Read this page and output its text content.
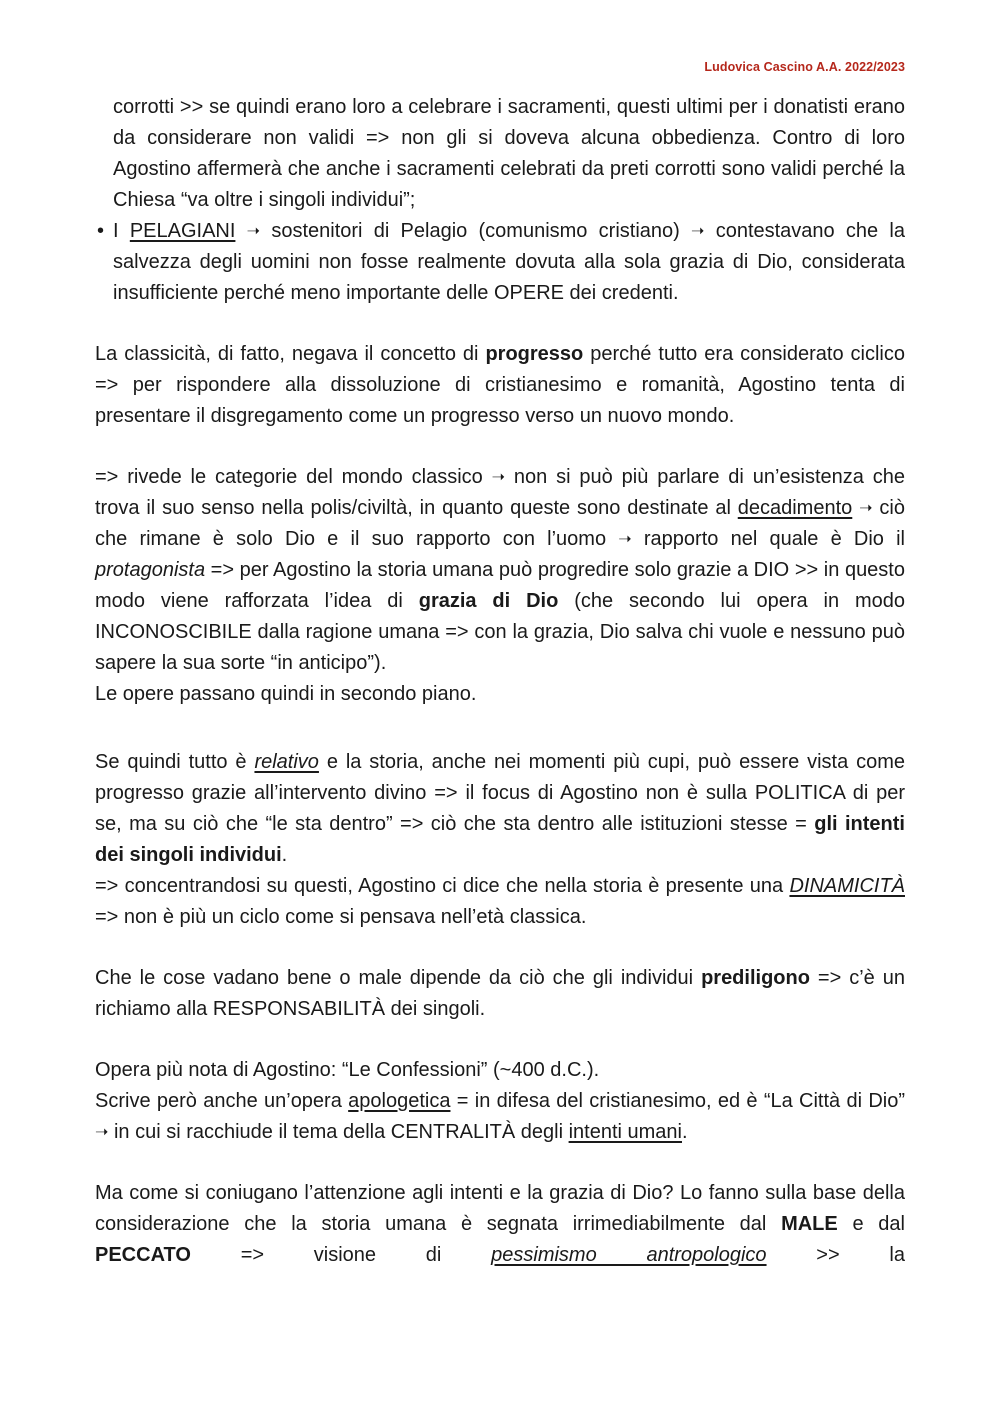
Ludovica Cascino A.A. 2022/2023
corrotti >> se quindi erano loro a celebrare i sacramenti, questi ultimi per i donatisti erano da considerare non validi => non gli si doveva alcuna obbedienza. Contro di loro Agostino affermerà che anche i sacramenti celebrati da preti corrotti sono validi perché la Chiesa “va oltre i singoli individui”;
• I PELAGIANI ➝ sostenitori di Pelagio (comunismo cristiano) ➝ contestavano che la salvezza degli uomini non fosse realmente dovuta alla sola grazia di Dio, considerata insufficiente perché meno importante delle OPERE dei credenti.

La classicità, di fatto, negava il concetto di progresso perché tutto era considerato ciclico => per rispondere alla dissoluzione di cristianesimo e romanità, Agostino tenta di presentare il disgregamento come un progresso verso un nuovo mondo.

=> rivede le categorie del mondo classico ➝ non si può più parlare di un’esistenza che trova il suo senso nella polis/civiltà, in quanto queste sono destinate al decadimento ➝ ciò che rimane è solo Dio e il suo rapporto con l’uomo ➝ rapporto nel quale è Dio il protagonista => per Agostino la storia umana può progredire solo grazie a DIO >> in questo modo viene rafforzata l’idea di grazia di Dio (che secondo lui opera in modo INCONOSCIBILE dalla ragione umana => con la grazia, Dio salva chi vuole e nessuno può sapere la sua sorte “in anticipo”).

Le opere passano quindi in secondo piano.

Se quindi tutto è relativo e la storia, anche nei momenti più cupi, può essere vista come progresso grazie all’intervento divino => il focus di Agostino non è sulla POLITICA di per se, ma su ciò che “le sta dentro” => ciò che sta dentro alle istituzioni stesse = gli intenti dei singoli individui.

=> concentrandosi su questi, Agostino ci dice che nella storia è presente una DINAMICITÀ => non è più un ciclo come si pensava nell’età classica.

Che le cose vadano bene o male dipende da ciò che gli individui prediligono => c’è un richiamo alla RESPONSABILITÀ dei singoli.

Opera più nota di Agostino: “Le Confessioni” (~400 d.C.).

Scrive però anche un’opera apologetica = in difesa del cristianesimo, ed è “La Città di Dio” ➝ in cui si racchiude il tema della CENTRALITÀ degli intenti umani.

Ma come si coniugano l’attenzione agli intenti e la grazia di Dio? Lo fanno sulla base della considerazione che la storia umana è segnata irrimediabilmente dal MALE e dal PECCATO => visione di pessimismo antropologico >> la
